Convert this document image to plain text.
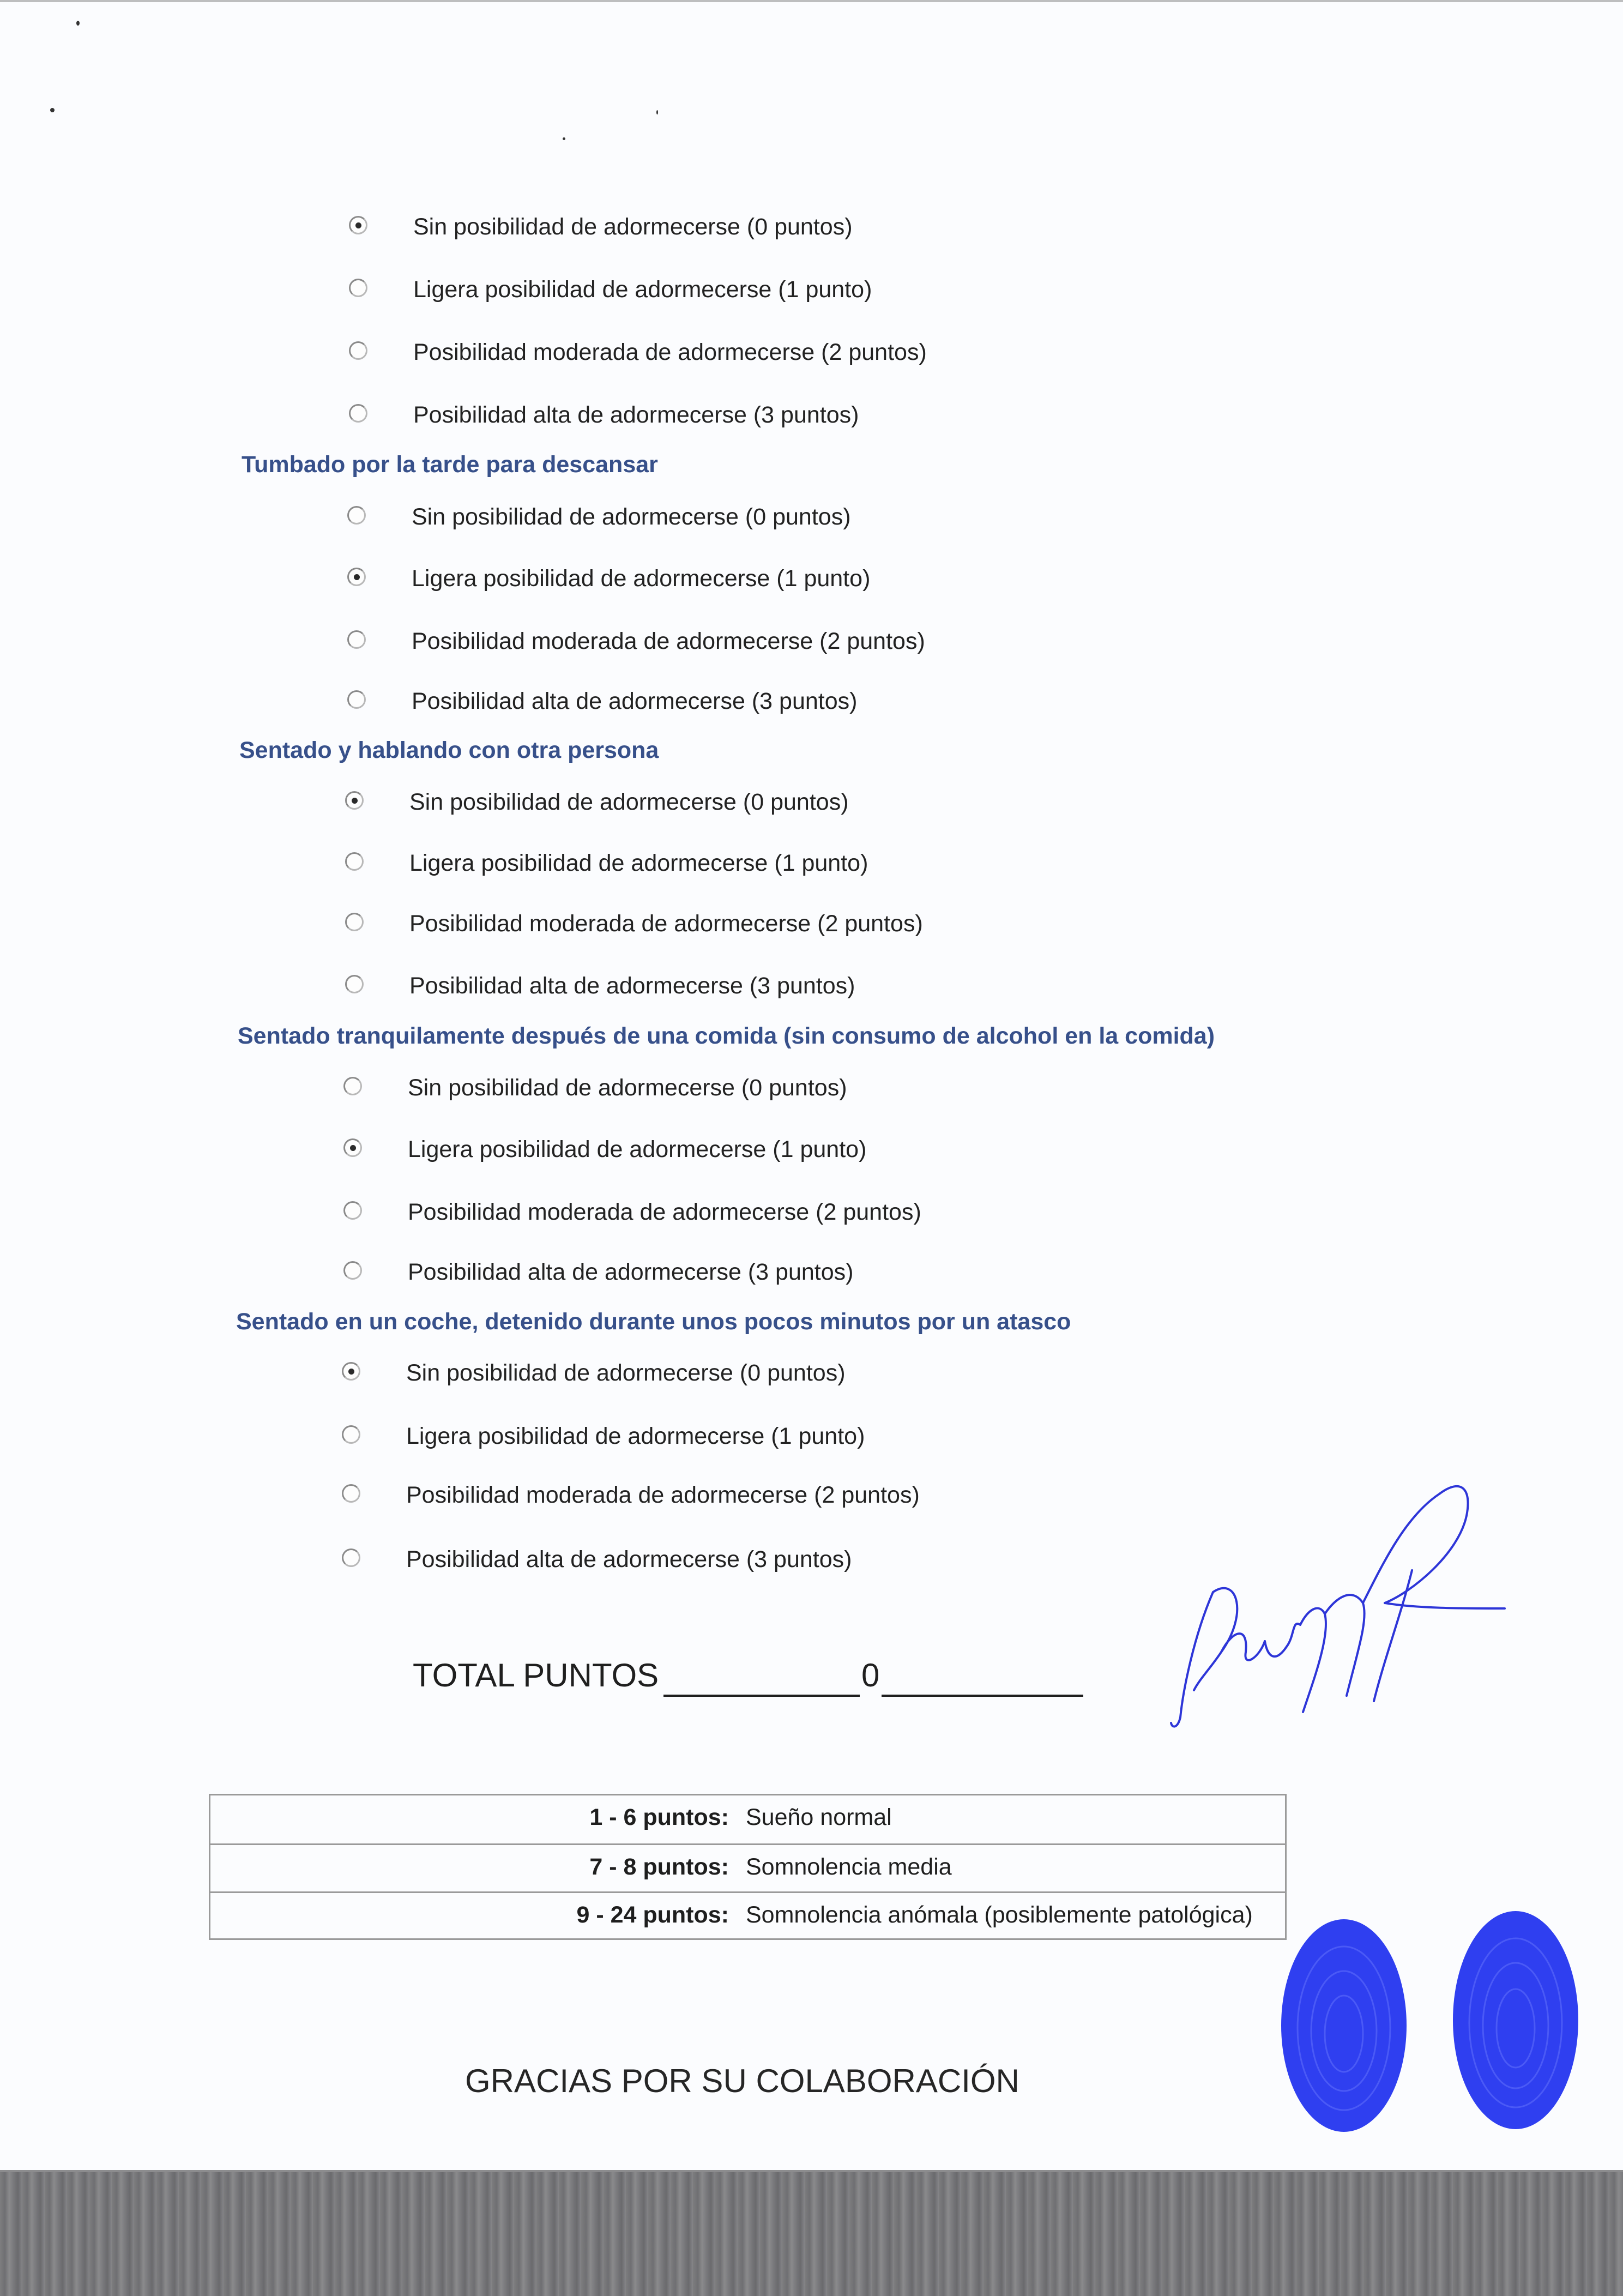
Sin posibilidad de adormecerse (0 puntos)
Ligera posibilidad de adormecerse (1 punto)
Posibilidad moderada de adormecerse (2 puntos)
Posibilidad alta de adormecerse (3 puntos)
Tumbado por la tarde para descansar
Sin posibilidad de adormecerse (0 puntos)
Ligera posibilidad de adormecerse (1 punto)
Posibilidad moderada de adormecerse (2 puntos)
Posibilidad alta de adormecerse (3 puntos)
Sentado y hablando con otra persona
Sin posibilidad de adormecerse (0 puntos)
Ligera posibilidad de adormecerse (1 punto)
Posibilidad moderada de adormecerse (2 puntos)
Posibilidad alta de adormecerse (3 puntos)
Sentado tranquilamente después de una comida (sin consumo de alcohol en la comida)
Sin posibilidad de adormecerse (0 puntos)
Ligera posibilidad de adormecerse (1 punto)
Posibilidad moderada de adormecerse (2 puntos)
Posibilidad alta de adormecerse (3 puntos)
Sentado en un coche, detenido durante unos pocos minutos por un atasco
Sin posibilidad de adormecerse (0 puntos)
Ligera posibilidad de adormecerse (1 punto)
Posibilidad moderada de adormecerse (2 puntos)
Posibilidad alta de adormecerse (3 puntos)
TOTAL PUNTOS	0
1 - 6 puntos: Sueño normal
7 - 8 puntos: Somnolencia media
9 - 24 puntos: Somnolencia anómala (posiblemente patológica)
GRACIAS POR SU COLABORACIÓN
